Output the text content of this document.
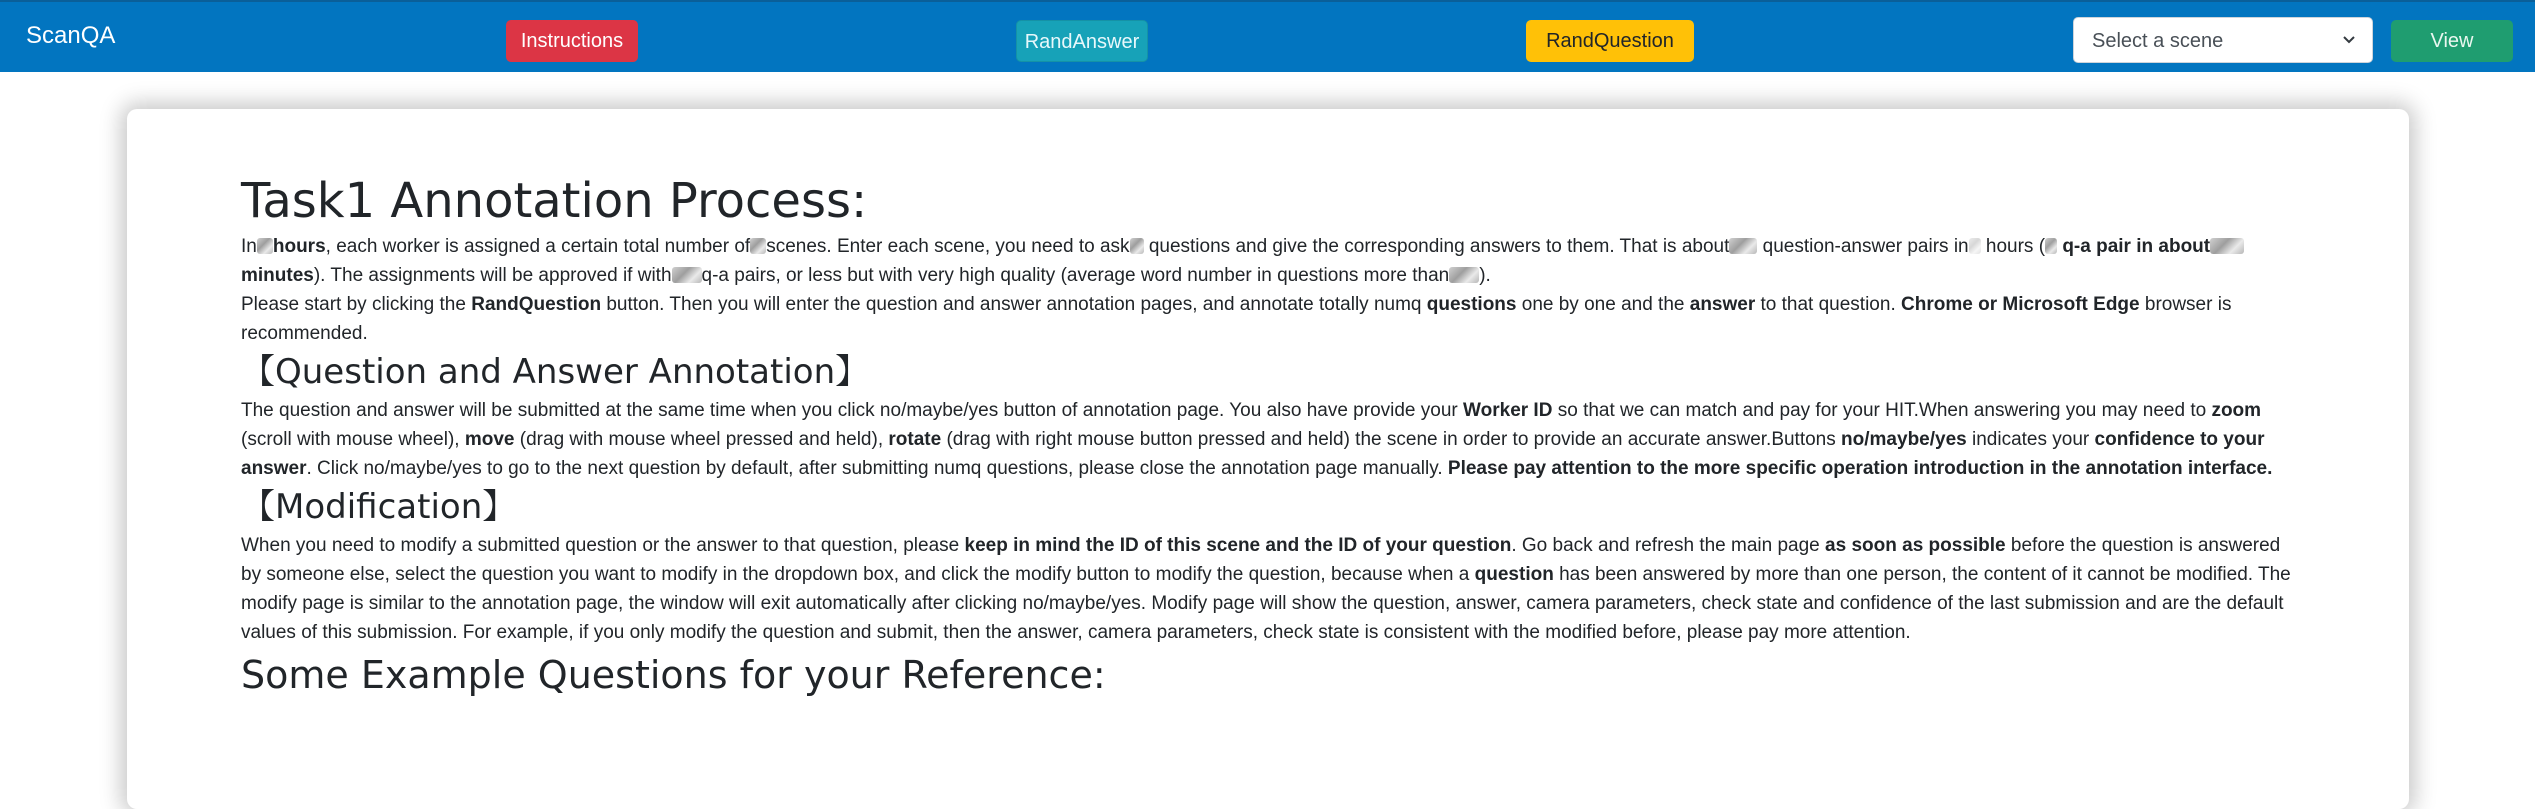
ScanQA	Instructions	RandAnswer	RandQuestion	Select a scene	View
Task1 Annotation Process:

In hours, each worker is assigned a certain total number of scenes. Enter each scene, you need to ask questions and give the corresponding answers to them. That is about question-answer pairs in hours ( q-a pair in about
minutes). The assignments will be approved if with q-a pairs, or less but with very high quality (average word number in questions more than ).

Please start by clicking the RandQuestion button. Then you will enter the question and answer annotation pages, and annotate totally numq questions one by one and the answer to that question. Chrome or Microsoft Edge browser is recommended.

【Question and Answer Annotation】

The question and answer will be submitted at the same time when you click no/maybe/yes button of annotation page. You also have provide your Worker ID so that we can match and pay for your HIT.When answering you may need to zoom (scroll with mouse wheel), move (drag with mouse wheel pressed and held), rotate (drag with right mouse button pressed and held) the scene in order to provide an accurate answer.Buttons no/maybe/yes indicates your confidence to your answer. Click no/maybe/yes to go to the next question by default, after submitting numq questions, please close the annotation page manually. Please pay attention to the more specific operation introduction in the annotation interface.

【Modification】

When you need to modify a submitted question or the answer to that question, please keep in mind the ID of this scene and the ID of your question. Go back and refresh the main page as soon as possible before the question is answered by someone else, select the question you want to modify in the dropdown box, and click the modify button to modify the question, because when a question has been answered by more than one person, the content of it cannot be modified. The modify page is similar to the annotation page, the window will exit automatically after clicking no/maybe/yes. Modify page will show the question, answer, camera parameters, check state and confidence of the last submission and are the default values of this submission. For example, if you only modify the question and submit, then the answer, camera parameters, check state is consistent with the modified before, please pay more attention.

Some Example Questions for your Reference:
